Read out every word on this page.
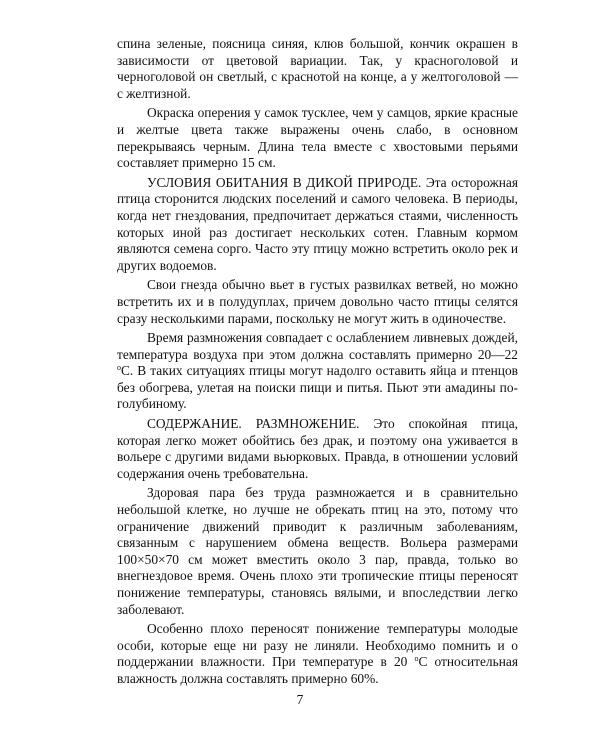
спина зеленые, поясница синяя, клюв большой, кончик окрашен в зависимости от цветовой вариации. Так, у красноголовой и черноголовой он светлый, с краснотой на конце, а у желтоголовой — с желтизной.

Окраска оперения у самок тусклее, чем у самцов, яркие красные и желтые цвета также выражены очень слабо, в основном перекрываясь черным. Длина тела вместе с хвостовыми перьями составляет примерно 15 см.

УСЛОВИЯ ОБИТАНИЯ В ДИКОЙ ПРИРОДЕ. Эта осторожная птица сторонится людских поселений и самого человека. В периоды, когда нет гнездования, предпочитает держаться стаями, численность которых иной раз достигает нескольких сотен. Главным кормом являются семена сорго. Часто эту птицу можно встретить около рек и других водоемов.

Свои гнезда обычно вьет в густых развилках ветвей, но можно встретить их и в полудуплах, причем довольно часто птицы селятся сразу несколькими парами, поскольку не могут жить в одиночестве.

Время размножения совпадает с ослаблением ливневых дождей, температура воздуха при этом должна составлять примерно 20—22 $^о$С. В таких ситуациях птицы могут надолго оставить яйца и птенцов без обогрева, улетая на поиски пищи и питья. Пьют эти амадины по-голубиному.

СОДЕРЖАНИЕ. РАЗМНОЖЕНИЕ. Это спокойная птица, которая легко может обойтись без драк, и поэтому она уживается в вольере с другими видами вьюрковых. Правда, в отношении условий содержания очень требовательна.

Здоровая пара без труда размножается и в сравнительно небольшой клетке, но лучше не обрекать птиц на это, потому что ограничение движений приводит к различным заболеваниям, связанным с нарушением обмена веществ. Вольера размерами 100×50×70 см может вместить около 3 пар, правда, только во внегнездовое время. Очень плохо эти тропические птицы переносят понижение температуры, становясь вялыми, и впоследствии легко заболевают.

Особенно плохо переносят понижение температуры молодые особи, которые еще ни разу не линяли. Необходимо помнить и о поддержании влажности. При температуре в 20 $^о$С относительная влажность должна составлять примерно 60%.

7
